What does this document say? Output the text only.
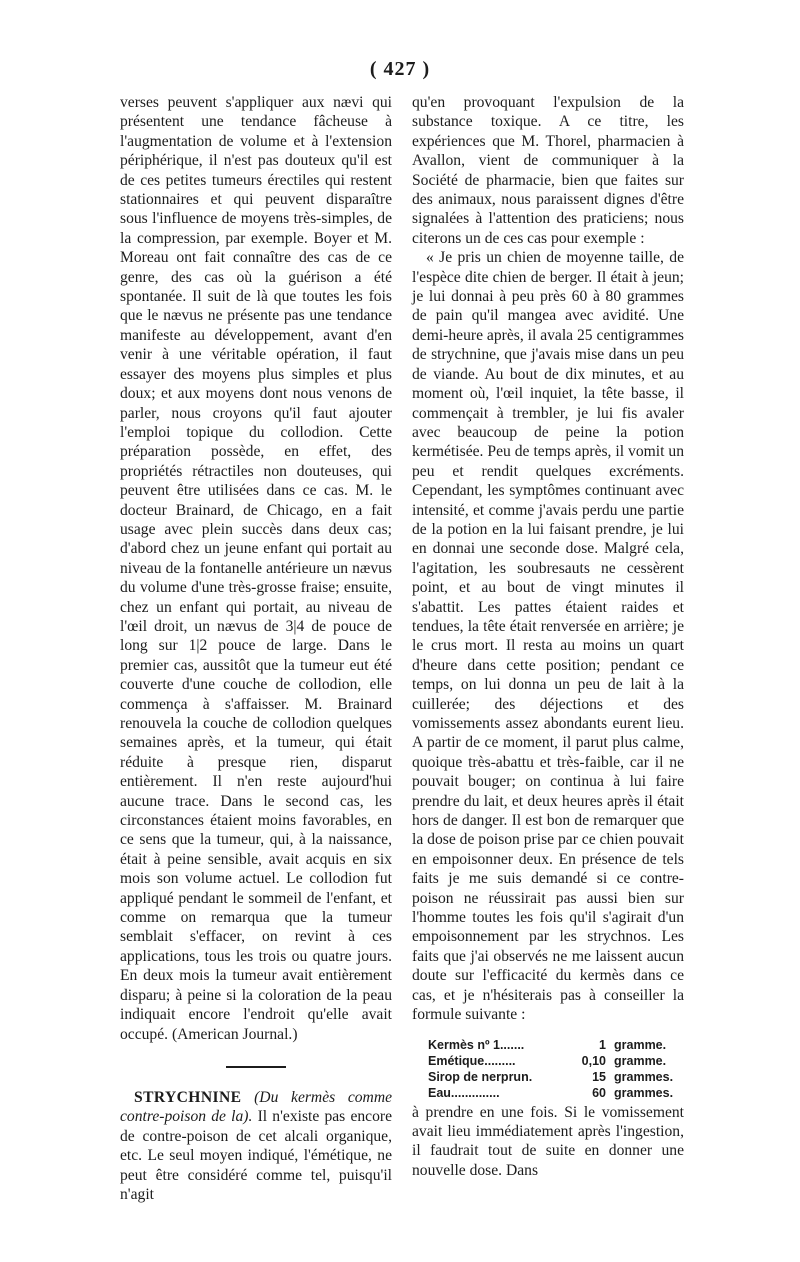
( 427 )

verses peuvent s'appliquer aux nævi qui présentent une tendance fâcheuse à l'augmentation de volume et à l'extension périphérique, il n'est pas douteux qu'il est de ces petites tumeurs érectiles qui restent stationnaires et qui peuvent disparaître sous l'influence de moyens très-simples, de la compression, par exemple. Boyer et M. Moreau ont fait connaître des cas de ce genre, des cas où la guérison a été spontanée. Il suit de là que toutes les fois que le nævus ne présente pas une tendance manifeste au développement, avant d'en venir à une véritable opération, il faut essayer des moyens plus simples et plus doux; et aux moyens dont nous venons de parler, nous croyons qu'il faut ajouter l'emploi topique du collodion. Cette préparation possède, en effet, des propriétés rétractiles non douteuses, qui peuvent être utilisées dans ce cas. M. le docteur Brainard, de Chicago, en a fait usage avec plein succès dans deux cas; d'abord chez un jeune enfant qui portait au niveau de la fontanelle antérieure un nævus du volume d'une très-grosse fraise; ensuite, chez un enfant qui portait, au niveau de l'œil droit, un nævus de 3|4 de pouce de long sur 1|2 pouce de large. Dans le premier cas, aussitôt que la tumeur eut été couverte d'une couche de collodion, elle commença à s'affaisser. M. Brainard renouvela la couche de collodion quelques semaines après, et la tumeur, qui était réduite à presque rien, disparut entièrement. Il n'en reste aujourd'hui aucune trace. Dans le second cas, les circonstances étaient moins favorables, en ce sens que la tumeur, qui, à la naissance, était à peine sensible, avait acquis en six mois son volume actuel. Le collodion fut appliqué pendant le sommeil de l'enfant, et comme on remarqua que la tumeur semblait s'effacer, on revint à ces applications, tous les trois ou quatre jours. En deux mois la tumeur avait entièrement disparu; à peine si la coloration de la peau indiquait encore l'endroit qu'elle avait occupé. (American Journal.)

STRYCHNINE (Du kermès comme contre-poison de la). Il n'existe pas encore de contre-poison de cet alcali organique, etc. Le seul moyen indiqué, l'émétique, ne peut être considéré comme tel, puisqu'il n'agit

qu'en provoquant l'expulsion de la substance toxique. A ce titre, les expériences que M. Thorel, pharmacien à Avallon, vient de communiquer à la Société de pharmacie, bien que faites sur des animaux, nous paraissent dignes d'être signalées à l'attention des praticiens; nous citerons un de ces cas pour exemple :

« Je pris un chien de moyenne taille, de l'espèce dite chien de berger. Il était à jeun; je lui donnai à peu près 60 à 80 grammes de pain qu'il mangea avec avidité. Une demi-heure après, il avala 25 centigrammes de strychnine, que j'avais mise dans un peu de viande. Au bout de dix minutes, et au moment où, l'œil inquiet, la tête basse, il commençait à trembler, je lui fis avaler avec beaucoup de peine la potion kermétisée. Peu de temps après, il vomit un peu et rendit quelques excréments. Cependant, les symptômes continuant avec intensité, et comme j'avais perdu une partie de la potion en la lui faisant prendre, je lui en donnai une seconde dose. Malgré cela, l'agitation, les soubresauts ne cessèrent point, et au bout de vingt minutes il s'abattit. Les pattes étaient raides et tendues, la tête était renversée en arrière; je le crus mort. Il resta au moins un quart d'heure dans cette position; pendant ce temps, on lui donna un peu de lait à la cuillerée; des déjections et des vomissements assez abondants eurent lieu. A partir de ce moment, il parut plus calme, quoique très-abattu et très-faible, car il ne pouvait bouger; on continua à lui faire prendre du lait, et deux heures après il était hors de danger. Il est bon de remarquer que la dose de poison prise par ce chien pouvait en empoisonner deux. En présence de tels faits je me suis demandé si ce contre-poison ne réussirait pas aussi bien sur l'homme toutes les fois qu'il s'agirait d'un empoisonnement par les strychnos. Les faits que j'ai observés ne me laissent aucun doute sur l'efficacité du kermès dans ce cas, et je n'hésiterais pas à conseiller la formule suivante :

Kermès nº 1.......	1	gramme.
Emétique.........	0,10	gramme.
Sirop de nerprun.	15	grammes.
Eau..............	60	grammes.

à prendre en une fois. Si le vomissement avait lieu immédiatement après l'ingestion, il faudrait tout de suite en donner une nouvelle dose. Dans
